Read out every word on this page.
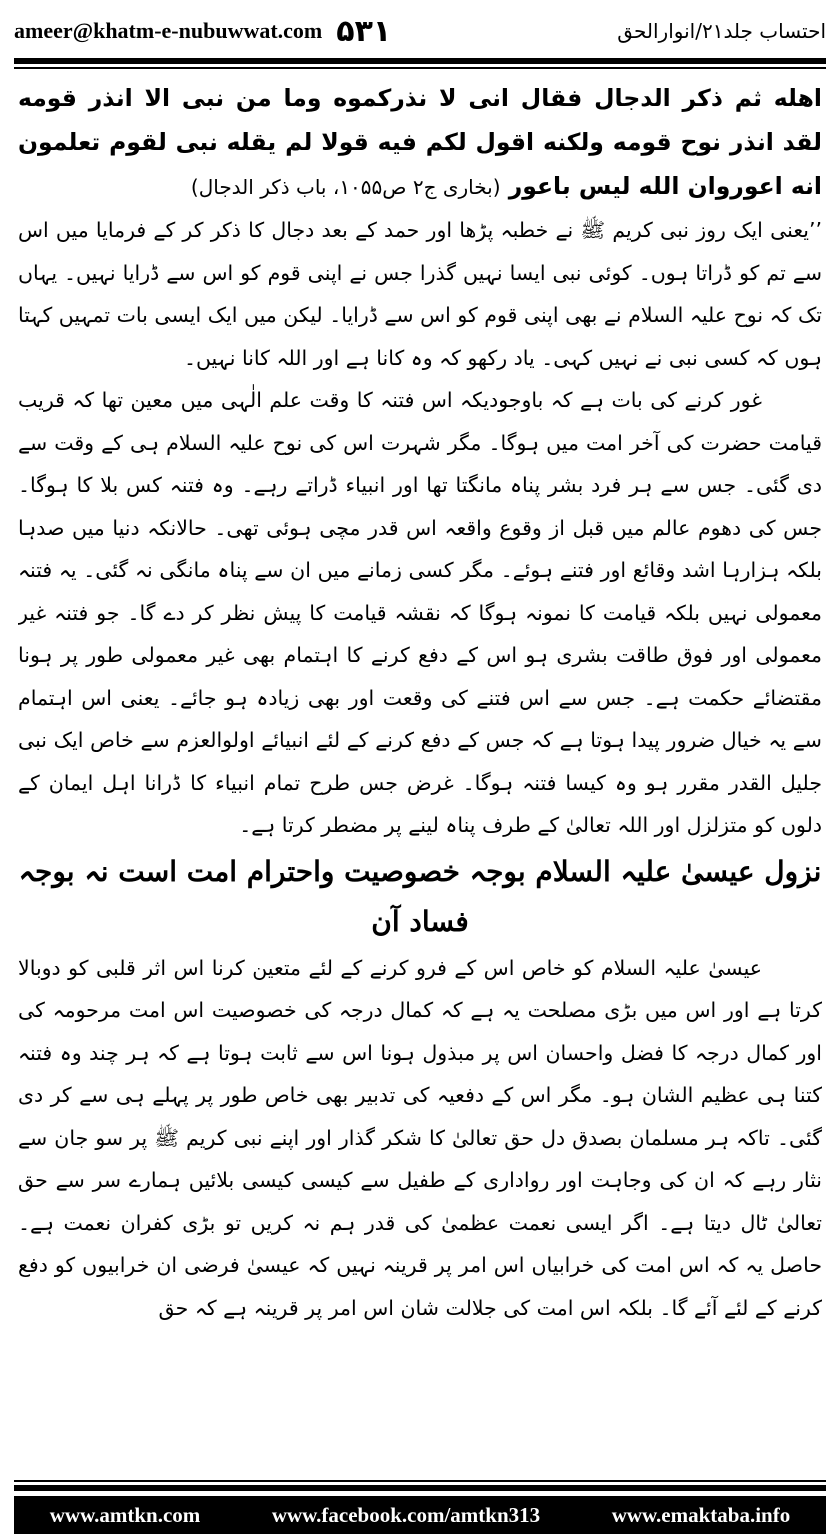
ameer@khatm-e-nubuwwat.com ۵۳۱	احتساب جلد۲۱/انوارالحق

اهله ثم ذكر الدجال فقال انى لا نذركموه وما من نبى الا انذر قومه لقد انذر نوح قومه ولكنه اقول لكم فيه قولا لم يقله نبى لقوم تعلمون انه اعوروان الله ليس باعور (بخارى ج۲ ص۱۰۵۵، باب ذكر الدجال)

’’یعنی ایک روز نبی کریم ﷺ نے خطبہ پڑھا اور حمد کے بعد دجال کا ذکر کر کے فرمایا میں اس سے تم کو ڈراتا ہوں۔ کوئی نبی ایسا نہیں گذرا جس نے اپنی قوم کو اس سے ڈرایا نہیں۔ یہاں تک کہ نوح علیہ السلام نے بھی اپنی قوم کو اس سے ڈرایا۔ لیکن میں ایک ایسی بات تمہیں کہتا ہوں کہ کسی نبی نے نہیں کہی۔ یاد رکھو کہ وہ کانا ہے اور اللہ کانا نہیں۔

غور کرنے کی بات ہے کہ باوجودیکہ اس فتنہ کا وقت علم الٰہی میں معین تھا کہ قریب قیامت حضرت کی آخر امت میں ہوگا۔ مگر شہرت اس کی نوح علیہ السلام ہی کے وقت سے دی گئی۔ جس سے ہر فرد بشر پناہ مانگتا تھا اور انبیاء ڈراتے رہے۔ وہ فتنہ کس بلا کا ہوگا۔ جس کی دھوم عالم میں قبل از وقوع واقعہ اس قدر مچی ہوئی تھی۔ حالانکہ دنیا میں صدہا بلکہ ہزارہا اشد وقائع اور فتنے ہوئے۔ مگر کسی زمانے میں ان سے پناہ مانگی نہ گئی۔ یہ فتنہ معمولی نہیں بلکہ قیامت کا نمونہ ہوگا کہ نقشہ قیامت کا پیش نظر کر دے گا۔ جو فتنہ غیر معمولی اور فوق طاقت بشری ہو اس کے دفع کرنے کا اہتمام بھی غیر معمولی طور پر ہونا مقتضائے حکمت ہے۔ جس سے اس فتنے کی وقعت اور بھی زیادہ ہو جائے۔ یعنی اس اہتمام سے یہ خیال ضرور پیدا ہوتا ہے کہ جس کے دفع کرنے کے لئے انبیائے اولوالعزم سے خاص ایک نبی جلیل القدر مقرر ہو وہ کیسا فتنہ ہوگا۔ غرض جس طرح تمام انبیاء کا ڈرانا اہل ایمان کے دلوں کو متزلزل اور اللہ تعالیٰ کے طرف پناہ لینے پر مضطر کرتا ہے۔

نزول عیسیٰ علیہ السلام بوجہ خصوصیت واحترام امت است نہ بوجہ فساد آن

عیسیٰ علیہ السلام کو خاص اس کے فرو کرنے کے لئے متعین کرنا اس اثر قلبی کو دوبالا کرتا ہے اور اس میں بڑی مصلحت یہ ہے کہ کمال درجہ کی خصوصیت اس امت مرحومہ کی اور کمال درجہ کا فضل واحسان اس پر مبذول ہونا اس سے ثابت ہوتا ہے کہ ہر چند وہ فتنہ کتنا ہی عظیم الشان ہو۔ مگر اس کے دفعیہ کی تدبیر بھی خاص طور پر پہلے ہی سے کر دی گئی۔ تاکہ ہر مسلمان بصدق دل حق تعالیٰ کا شکر گذار اور اپنے نبی کریم ﷺ پر سو جان سے نثار رہے کہ ان کی وجاہت اور رواداری کے طفیل سے کیسی کیسی بلائیں ہمارے سر سے حق تعالیٰ ٹال دیتا ہے۔ اگر ایسی نعمت عظمیٰ کی قدر ہم نہ کریں تو بڑی کفران نعمت ہے۔ حاصل یہ کہ اس امت کی خرابیاں اس امر پر قرینہ نہیں کہ عیسیٰ فرضی ان خرابیوں کو دفع کرنے کے لئے آئے گا۔ بلکہ اس امت کی جلالت شان اس امر پر قرینہ ہے کہ حق

www.amtkn.com	www.facebook.com/amtkn313	www.emaktaba.info
